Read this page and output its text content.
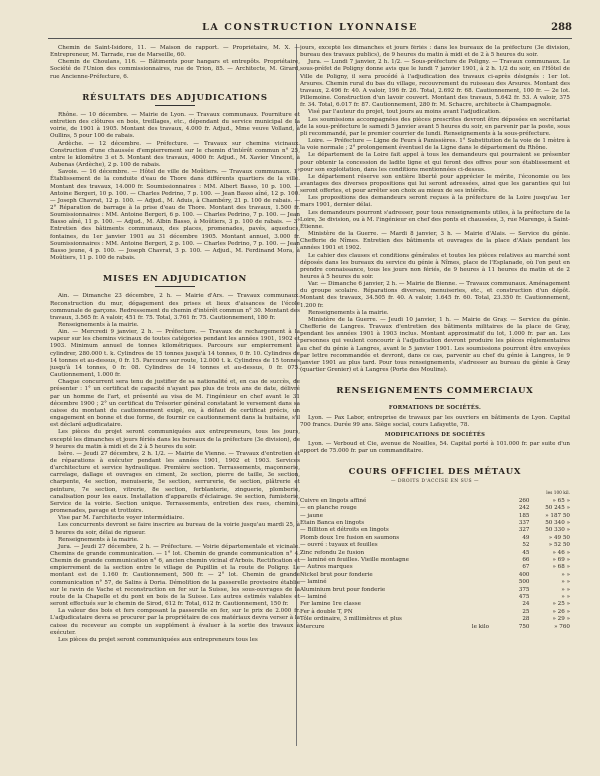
LA CONSTRUCTION LYONNAISE	288

Chemin de Saint-Isidore, 11. — Maison de rapport. — Propriétaire, M. X. — Entrepreneur, M. Tarrade, rue de Marseille, 60.

Chemin de Choulans, 116. — Bâtiments pour hangars et entrepôts. Propriétaire, Société de l'Union des commissionnaires, rue de Trion, 85. — Architecte, M. Girard, rue Ancienne-Préfecture, 6.

RÉSULTATS DES ADJUDICATIONS

Rhône. — 10 décembre. — Mairie de Lyon. — Travaux communaux. Fourniture et entretien des clôtures en bois, treillages, etc., dépendant du service municipal de la voirie, de 1901 à 1905. Montant des travaux, 4.000 fr. Adjud., Mme veuve Volland, à Oullins, 5 pour 100 de rabais.

Ardèche. — 12 décembre. — Préfecture. — Travaux sur chemins vicinaux. Construction d'une chaussée d'empierrement sur le chemin d'intérêt commun n° 25, entre le kilomètre 3 et 5. Montant des travaux, 4000 fr. Adjud., M. Xavier Vincent, à Aubenas (Ardèche), 2 p. 100 de rabais.

Savoie. — 16 décembre. — Hôtel de ville de Moûtiers. — Travaux communaux. 1° Établissement de la conduite d'eau de Thore dans différents quartiers de la ville. Montant des travaux, 14.000 fr. Soumissionnaires : MM. Albert Basso, 10 p. 100. — Antoine Bergeri, 10 p. 100. — Charles Pedrino, 7 p. 100. — Jean Basso aîné, 12 p. 100. — Joseph Chavrat, 12 p. 100. — Adjud., M. Aduis, à Chambéry, 21 p. 100 de rabais. — 2° Réparation de barrage à la prise d'eau de Thore. Montant des travaux, 1.500 fr. Soumissionnaires : MM. Antoine Bergeri, 6 p. 100. — Charles Pedrino, 7 p. 100. — Jean Basso aîné, 11 p. 100. — Adjud., M. Albin Basso, à Moûtiers, 3 p. 100 de rabais. — 3° Entretien des bâtiments communaux, des places, promenades, pavés, aqueducs, fontaines, du 1er janvier 1901 au 31 décembre 1905. Montant annuel, 3.000 fr. Soumissionnaires : MM. Antoine Bergeri, 2 p. 100. — Charles Pedrino, 7 p. 100. — Jean Basso jeune, 4 p. 100. — Joseph Chavrat, 3 p. 100. — Adjud., M. Ferdinand Mora, à Moûtiers, 11 p. 100 de rabais.

MISES EN ADJUDICATION

Ain. — Dimanche 23 décembre, 2 h. — Mairie d'Ars. — Travaux communaux. Reconstruction du mur, dégagement des prises et lieux d'aisances de l'école communale de garçons. Redressement du chemin d'intérêt commun n° 30. Montant des travaux, 3.565 fr. A valoir, 451 fr. 75. Total, 3.761 fr. 75. Cautionnement, 180 fr.

Renseignements à la mairie.

Ain. — Mercredi 9 janvier, 2 h. — Préfecture. — Travaux de rechargement à la vapeur sur les chemins vicinaux de toutes catégories pendant les années 1901, 1902 et 1903. Minimum annuel de tonnes kilométriques. Parcours sur empierrement à cylindrer, 280.000 t. k. Cylindres de 15 tonnes jusqu'à 14 tonnes, 0 fr. 10. Cylindres de 14 tonnes et au-dessus, 0 fr. 15. Parcours sur route, 12.000 t. k. Cylindres de 15 tonnes jusqu'à 14 tonnes, 0 fr. 08. Cylindres de 14 tonnes et au-dessus, 0 fr. 075. Cautionnement, 1.000 fr.

Chaque concurrent sera tenu de justifier de sa nationalité et, en cas de succès, de présenter : 1° un certificat de capacité n'ayant pas plus de trois ans de date, délivré par un homme de l'art, et présenté au visa de M. l'ingénieur en chef avant le 31 décembre 1900 ; 2° un certificat du Trésorier général constatant le versement dans sa caisse du montant du cautionnement exigé, ou, à défaut de certificat précis, un engagement en bonne et due forme, de fournir ce cautionnement dans la huitaine, s'il est déclaré adjudicataire.

Les pièces du projet seront communiquées aux entrepreneurs, tous les jours, excepté les dimanches et jours fériés dans les bureaux de la préfecture (3e division), de 9 heures du matin à midi et de 2 à 5 heures du soir.

Isère. — Jeudi 27 décembre, 2 h. 1/2. — Mairie de Vienne. — Travaux d'entretien et de réparations à exécuter pendant les années 1901, 1902 et 1903. Services d'architecture et service hydraulique. Première section. Terrassements, maçonnerie, carrelage, dallage et ouvrages en ciment, 2e section, pierre de taille, 3e section, charpente, 4e section, menuiserie, 5e section, serrurerie, 6e section, plâtrerie et peinture, 7e section, vitrerie, 8e section, ferblanterie, zinguerie, plomberie, canalisation pour les eaux. Installation d'appareils d'éclairage. 9e section, fumisterie, Service de la voirie. Section unique. Terrassements, entretien des rues, chemins, promenades, pavage et trottoirs.

Vise par M. l'architecte voyer intermédiaire.

Les concurrents devront se faire inscrire au bureau de la voirie jusqu'au mardi 25, à 5 heures du soir, délai de rigueur.

Renseignements à la mairie.

Jura. — Jeudi 27 décembre, 2 h. — Préfecture. — Voirie départementale et vicinale. Chemins de grande communication. — 1° lot. Chemin de grande communication n° 4. Chemin de grande communication n° 6, ancien chemin vicinal d'Arbois. Rectification et empierrement de la section entre le village de Pupillin et la route de Poligny. Le montant est de 1.160 fr. Cautionnement, 500 fr. — 2° lot. Chemin de grande communication n° 57, de Salins à Doria. Démolition de la passerelle provisoire établie sur le ravin de Vache et reconstruction en fer sur la Suisse, les sous-ouvrages de la route de la Chapelle et du pont en bois de la Suisse. Les autres estimés valables et seront effectués sur le chemin de Sirod, 612 fr. Total, 612 fr. Cautionnement, 150 fr.

La valeur des bois et fers composant la passerelle en fer, sur le prix de 2.000 fr. L'adjudicataire devra se procurer par la propriétaire de ces matériaux devra verser à la caisse du receveur au compte un supplément à évaluer à la sortie des travaux à exécuter.

Les pièces du projet seront communiquées aux entrepreneurs tous les

jours, excepté les dimanches et jours fériés : dans les bureaux de la préfecture (3e division, bureau des travaux publics), de 9 heures du matin à midi et de 2 à 5 heures du soir.

Jura. — Lundi 7 janvier, 2 h. 1/2. — Sous-préfecture de Poligny. — Travaux communaux. Le sous-préfet de Poligny donne avis que le lundi 7 janvier 1901, à 2 h. 1/2 du soir, en l'Hôtel de Ville de Poligny, il sera procédé à l'adjudication des travaux ci-après désignés : 1er lot. Arsures. Chemin rural du bas du village, recouvrement du ruisseau des Arsures. Montant des travaux, 2.496 fr. 40. A valoir, 196 fr. 26. Total, 2.692 fr. 68. Cautionnement, 100 fr. — 2e lot. Pillemoine. Construction d'un lavoir couvert. Montant des travaux, 5.642 fr. 53. A valoir, 375 fr. 34. Total, 6.017 fr. 87. Cautionnement, 280 fr. M. Schacre, architecte à Champagnole.

Visé par l'auteur du projet, tout jours au moins avant l'adjudication.

Les soumissions accompagnées des pièces prescrites devront être déposées en secrétariat de la sous-préfecture le samedi 5 janvier avant 5 heures du soir, en parvenir par la poste, sous pli recommandé, par le premier courrier de lundi. Renseignements à la sous-préfecture.

Loire. — Préfecture — Ligne de Feurs à Panissières. 1° Substitution de la voie de 1 mètre à la voie normale ; 2° prolongement éventuel de la Ligne dans le département du Rhône.

Le département de la Loire fait appel à tous les demandeurs qui pourraient se présenter pour obtenir la concession de ladite ligne et qui feront des offres pour son établissement et pour son exploitation, dans les conditions mentionnées ci-dessus.

Le département réserve son entière liberté pour apprécier le mérite, l'économie ou les avantages des diverses propositions qui lui seront adressées, ainsi que les garanties qui lui seront offertes, et pour arrêter son choix au mieux de ses intérêts.

Les propositions des demandeurs seront reçues à la préfecture de la Loire jusqu'au 1er mars 1901, dernier délai.

Les demandeurs pourront s'adresser, pour tous renseignements utiles, à la préfecture de la Loire, 3e division, ou à M. l'ingénieur en chef des ponts et chaussées, 3, rue Marengo, à Saint-Étienne.

Ministère de la Guerre. — Mardi 8 janvier, 3 h. — Mairie d'Alais. — Service du génie. Chefferie de Nîmes. Entretien des bâtiments et ouvrages de la place d'Alais pendant les années 1901 et 1902.

Le cahier des clauses et conditions générales et toutes les pièces relatives au marché sont déposés dans les bureaux du service du génie à Nîmes, place de l'Esplanade, où l'on peut en prendre connaissance, tous les jours non fériés, de 9 heures à 11 heures du matin et de 2 heures à 5 heures du soir.

Var. — Dimanche 6 janvier, 2 h. — Mairie de Bienne. — Travaux communaux. Aménagement du groupe scolaire. Réparations diverses, menuiseries, etc., et construction d'un dépôt. Montant des travaux, 34.505 fr. 40. A valoir, 1.645 fr. 60. Total, 23.350 fr. Cautionnement, 1.200 fr.

Renseignements à la mairie.

Ministère de la Guerre. — Jeudi 10 janvier, 1 h. — Mairie de Gray. — Service du génie. Chefferie de Langres. Travaux d'entretien des bâtiments militaires de la place de Gray, pendant les années 1901 à 1903 inclus. Montant approximatif du lot, 1.000 fr. par an. Les personnes qui veulent concourir à l'adjudication devront produire les pièces réglementaires au chef du génie à Langres, avant le 5 janvier 1901. Les soumissions pourront être envoyées par lettre recommandée et devront, dans ce cas, parvenir au chef du génie à Langres, le 9 janvier 1901 au plus tard. Pour tous renseignements, s'adresser au bureau du génie à Gray (quartier Grenier) et à Langres (Porte des Moulins).

RENSEIGNEMENTS COMMERCIAUX
FORMATIONS DE SOCIÉTÉS.

Lyon. — Pax Labor, entreprise de travaux par les ouvriers en bâtiments de Lyon. Capital 700 francs. Durée 99 ans. Siège social, cours Lafayette, 78.

MODIFICATIONS DE SOCIÉTÉS

Lyon. — Verboud et Cie, avenue de Noailles, 54. Capital porté à 101.000 fr. par suite d'un apport de 75.000 fr. par un commanditaire.

COURS OFFICIEL DES MÉTAUX
— DROITS D'ACCISE EN SUS —
les 100 kil.
Cuivre en lingots affiné		260	» 65 »
— en planche rouge		242	50 245 »
— jaune		185	» 187 50
Etain Banca en lingots		337	50 340 »
— Billiton et détroits en lingots		327	50 330 »
Plomb doux 1re fusion en saumons		49	» 49 50
— ouvré : tuyaux et feuilles		52	» 52 50
Zinc refondu 2e fusion		45	» 46 »
— laminé en feuilles. Vieille montagne		66	» 69 »
— Autres marques		67	» 68 »
Nickel brut pour fonderie		400	» »
— laminé		500	» »
Aluminium brut pour fonderie		375	» »
— laminé		475	» »
Fer lamine 1re classe		24	» 25 »
Fer à double T, PN		25	» 26 »
Tôle ordinaire, 3 millimètres et plus		28	» 29 »
Mercure	le kilo	750	» 760
